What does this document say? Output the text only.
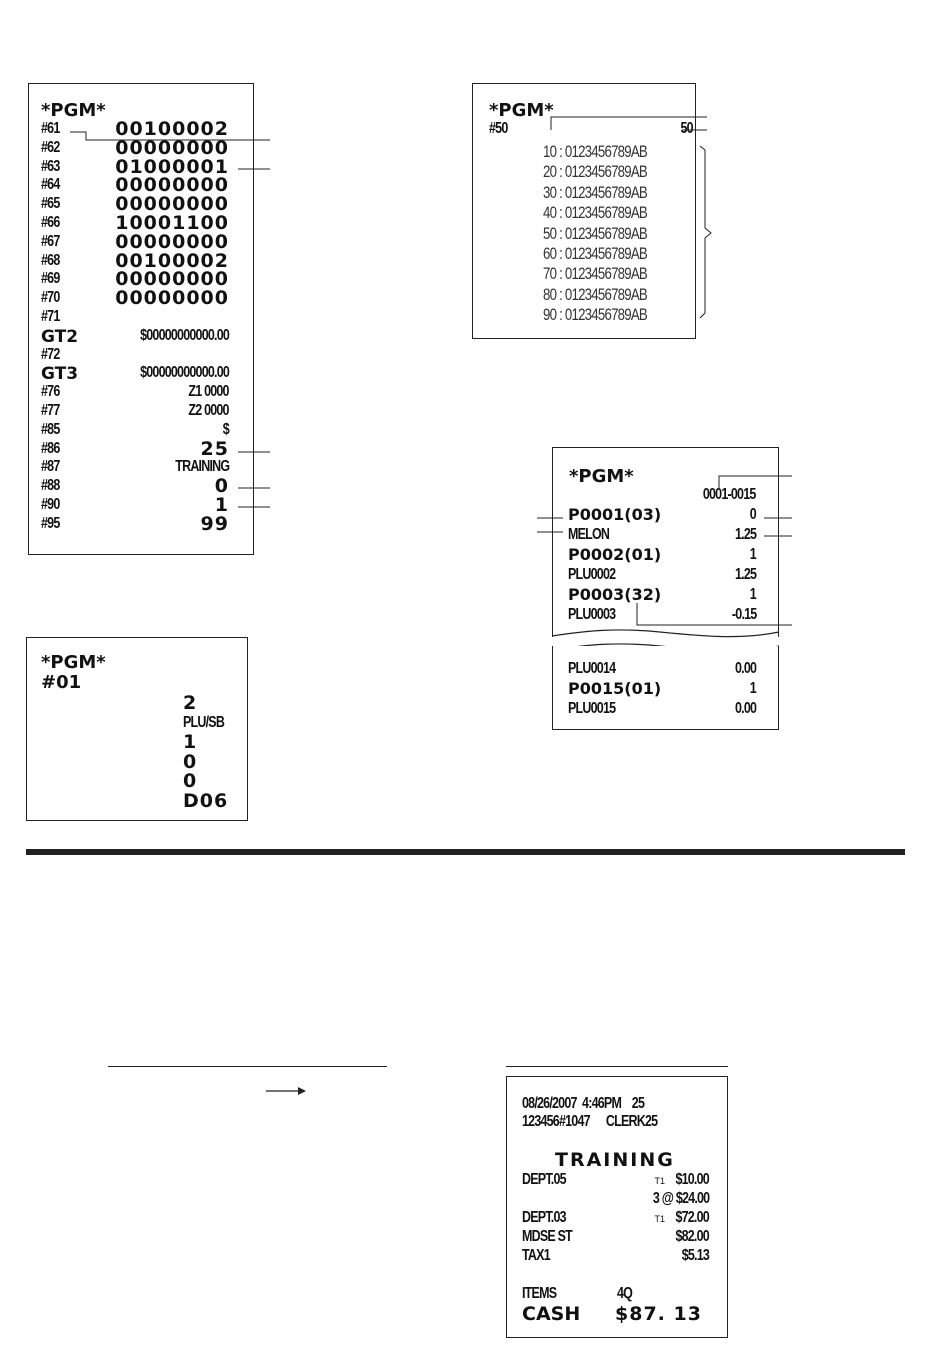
*PGM*
#61	00100002
#62	00000000
#63	01000001
#64	00000000
#65	00000000
#66	10001100
#67	00000000
#68	00100002
#69	00000000
#70	00000000
#71
GT2	$00000000000.00
#72
GT3	$00000000000.00
#76	Z1 0000
#77	Z2 0000
#85	$
#86	25
#87	TRAINING
#88	0
#90	1
#95	99
*PGM*
#50	50
10 : 0123456789AB
20 : 0123456789AB
30 : 0123456789AB
40 : 0123456789AB
50 : 0123456789AB
60 : 0123456789AB
70 : 0123456789AB
80 : 0123456789AB
90 : 0123456789AB
*PGM*
0001-0015
P0001(03)	0
MELON	1.25
P0002(01)	1
PLU0002	1.25
P0003(32)	1
PLU0003	-0.15
PLU0014	0.00
P0015(01)	1
PLU0015	0.00
*PGM*
#01
2
PLU/SB
1
0
0
D06
08/26/2007  4:46PM    25
123456#1047      CLERK25
TRAINING
DEPT.05	T1 $10.00
3 @ $24.00
DEPT.03	T1 $72.00
MDSE ST	$82.00
TAX1	$5.13
ITEMS	4Q
CASH $87. 13
